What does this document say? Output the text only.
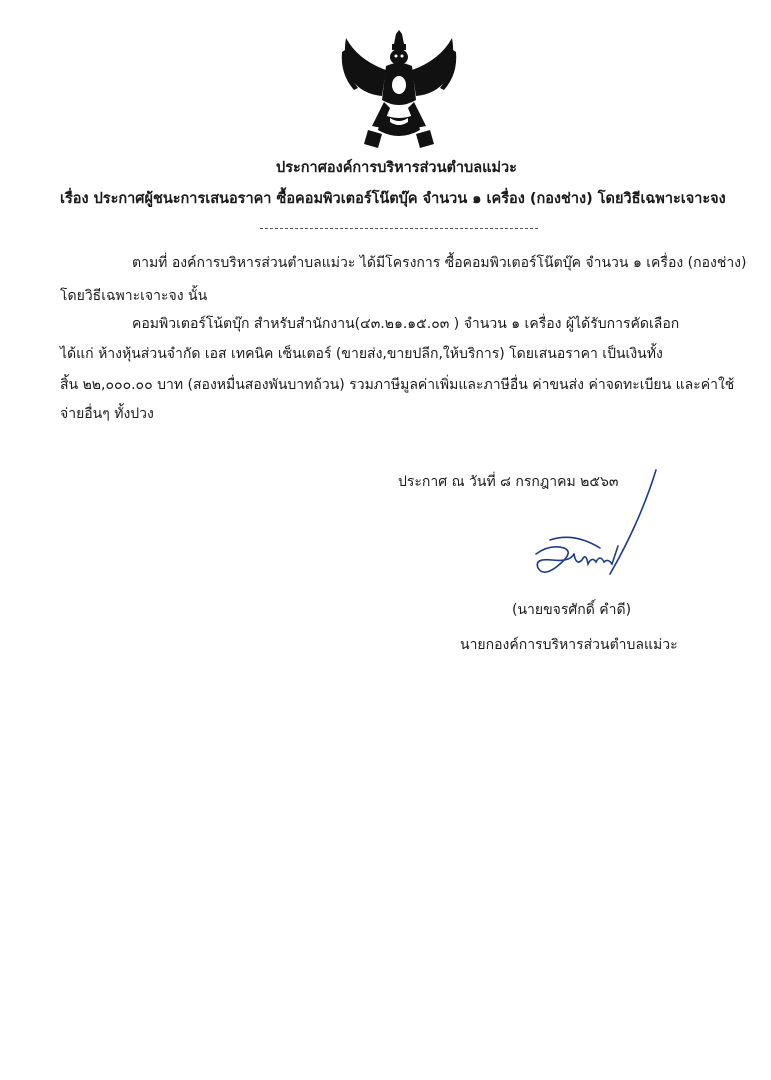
ประกาศองค์การบริหารส่วนตำบลแม่วะ
เรื่อง ประกาศผู้ชนะการเสนอราคา ซื้อคอมพิวเตอร์โน๊ตบุ๊ค จำนวน ๑ เครื่อง (กองช่าง) โดยวิธีเฉพาะเจาะจง
ตามที่ องค์การบริหารส่วนตำบลแม่วะ ได้มีโครงการ ซื้อคอมพิวเตอร์โน๊ตบุ๊ค จำนวน ๑ เครื่อง (กองช่าง)
โดยวิธีเฉพาะเจาะจง นั้น
คอมพิวเตอร์โน้ตบุ๊ก สำหรับสำนักงาน(๔๓.๒๑.๑๕.๐๓ ) จำนวน ๑ เครื่อง ผู้ได้รับการคัดเลือก
ได้แก่ ห้างหุ้นส่วนจำกัด เอส เทคนิค เซ็นเตอร์ (ขายส่ง,ขายปลีก,ให้บริการ) โดยเสนอราคา เป็นเงินทั้ง
สิ้น ๒๒,๐๐๐.๐๐ บาท (สองหมื่นสองพันบาทถ้วน) รวมภาษีมูลค่าเพิ่มและภาษีอื่น ค่าขนส่ง ค่าจดทะเบียน และค่าใช้
จ่ายอื่นๆ ทั้งปวง
ประกาศ ณ วันที่ ๘ กรกฎาคม ๒๕๖๓
(นายขจรศักดิ์ คำดี)
นายกองค์การบริหารส่วนตำบลแม่วะ
